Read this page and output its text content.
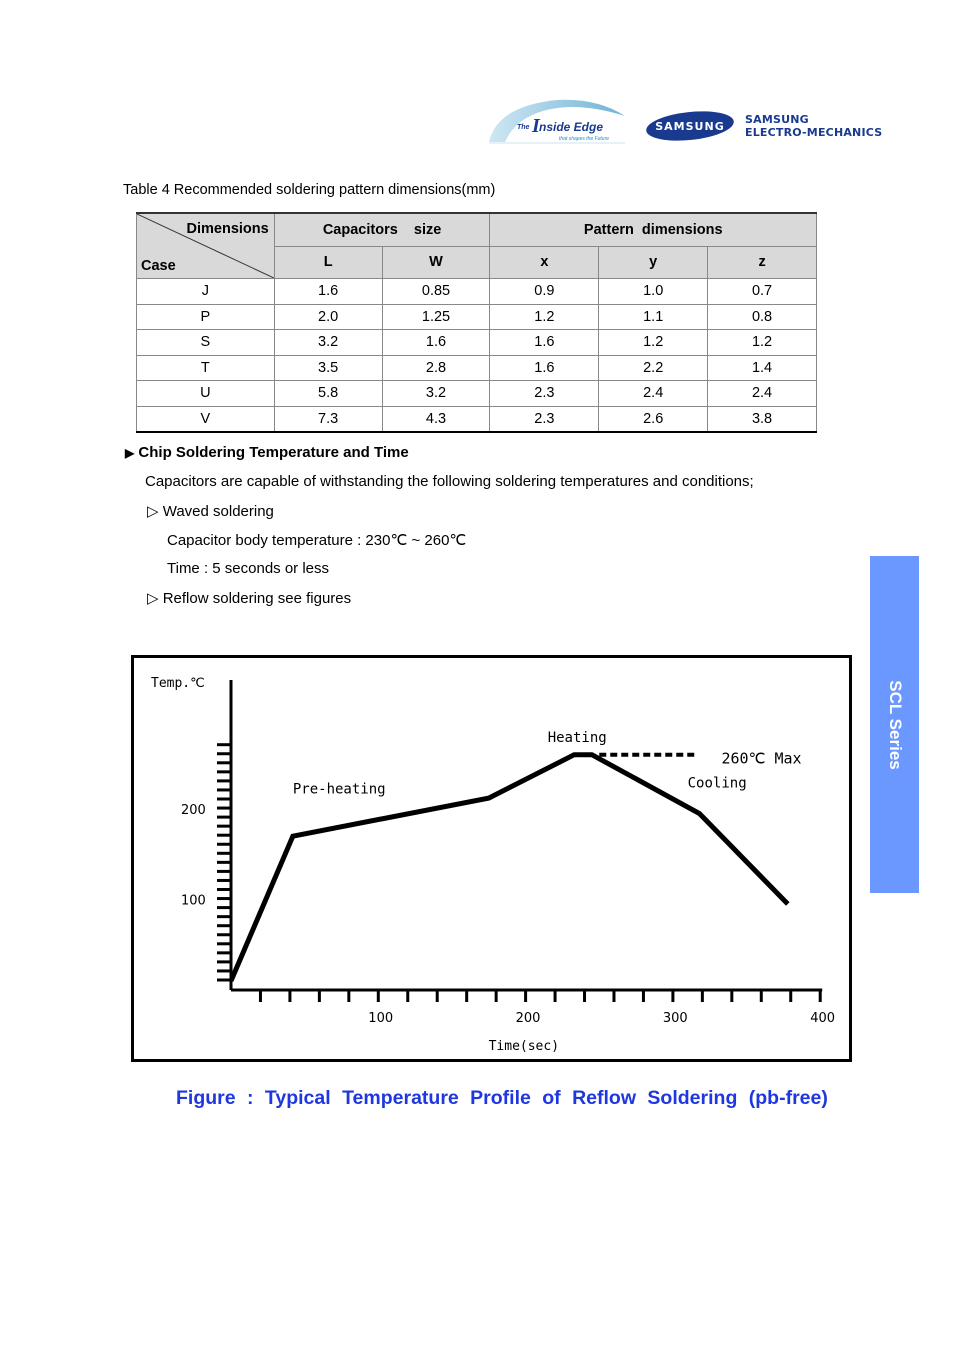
The I nside Edge
that shapes the Future
SAMSUNG
SAMSUNG
ELECTRO-MECHANICS
Table 4 Recommended soldering pattern dimensions(mm)
Dimensions
Case	Capacitors    size		Pattern  dimensions		
	L	W	x	y	z
J	1.6	0.85	0.9	1.0	0.7
P	2.0	1.25	1.2	1.1	0.8
S	3.2	1.6	1.6	1.2	1.2
T	3.5	2.8	1.6	2.2	1.4
U	5.8	3.2	2.3	2.4	2.4
V	7.3	4.3	2.3	2.6	3.8
▶ Chip Soldering Temperature and Time
Capacitors are capable of withstanding the following soldering temperatures and conditions;
▷ Waved soldering
Capacitor body temperature : 230℃ ~ 260℃
Time : 5 seconds or less
▷ Reflow soldering see figures
SCL Series
100
200
100	200	300	400
Temp.℃
Time(sec)
260℃ Max
Pre-heating
Heating
Cooling
Figure : Typical Temperature Profile of Reflow Soldering (pb-free)
